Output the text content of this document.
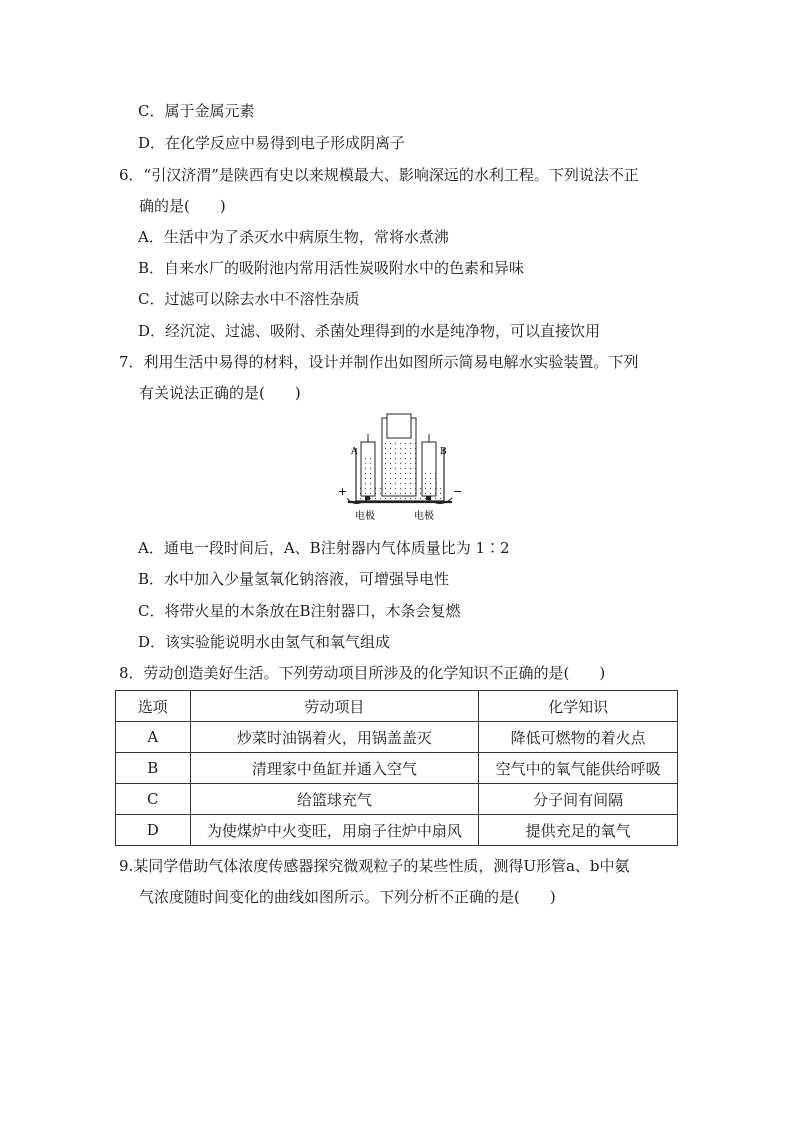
C．属于金属元素
D．在化学反应中易得到电子形成阴离子
6．“引汉济渭”是陕西有史以来规模最大、影响深远的水利工程。下列说法不正
确的是(　　)
A．生活中为了杀灭水中病原生物，常将水煮沸
B．自来水厂的吸附池内常用活性炭吸附水中的色素和异味
C．过滤可以除去水中不溶性杂质
D．经沉淀、过滤、吸附、杀菌处理得到的水是纯净物，可以直接饮用
7．利用生活中易得的材料，设计并制作出如图所示简易电解水实验装置。下列
有关说法正确的是(　　)
A	B
+	−
电极	电极
A．通电一段时间后，A、B注射器内气体质量比为 1∶2
B．水中加入少量氢氧化钠溶液，可增强导电性
C．将带火星的木条放在B注射器口，木条会复燃
D．该实验能说明水由氢气和氧气组成
8．劳动创造美好生活。下列劳动项目所涉及的化学知识不正确的是(　　)
选项	劳动项目	化学知识
A	炒菜时油锅着火，用锅盖盖灭	降低可燃物的着火点
B	清理家中鱼缸并通入空气	空气中的氧气能供给呼吸
C	给篮球充气	分子间有间隔
D	为使煤炉中火变旺，用扇子往炉中扇风	提供充足的氧气
9.某同学借助气体浓度传感器探究微观粒子的某些性质，测得U形管a、b中氨
气浓度随时间变化的曲线如图所示。下列分析不正确的是(　　)
